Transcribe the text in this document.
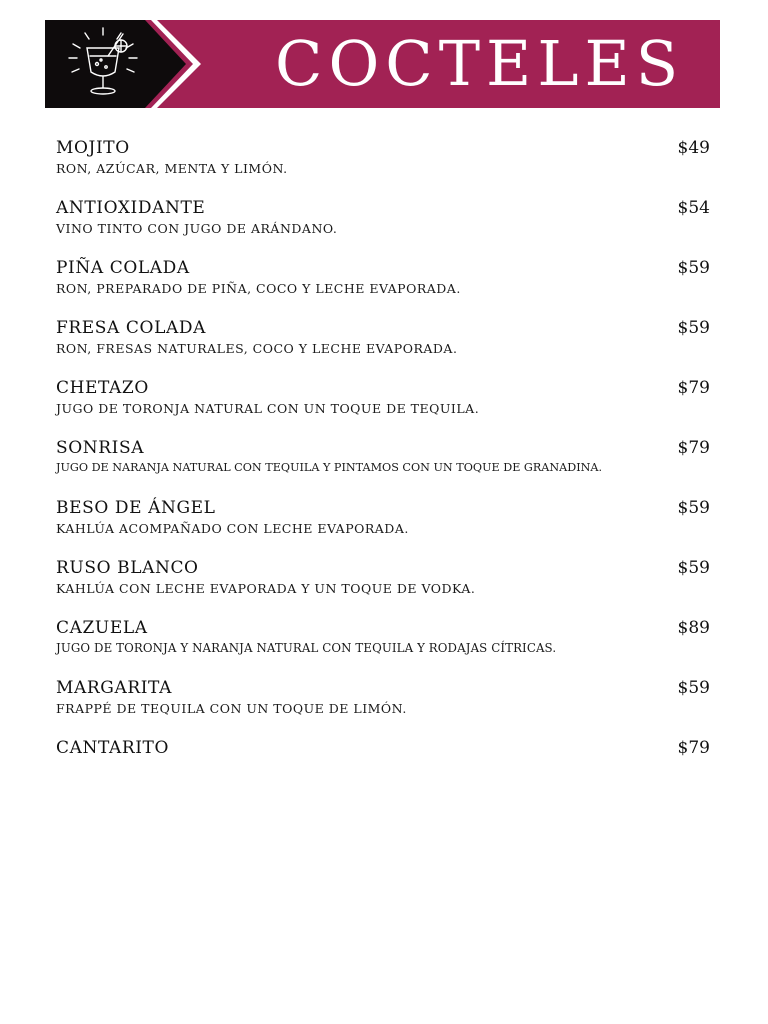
COCTELES
MOJITO	$49
RON, AZÚCAR, MENTA Y LIMÓN.
ANTIOXIDANTE	$54
VINO TINTO CON JUGO DE ARÁNDANO.
PIÑA COLADA	$59
RON, PREPARADO DE PIÑA, COCO Y LECHE EVAPORADA.
FRESA COLADA	$59
RON, FRESAS NATURALES, COCO Y LECHE EVAPORADA.
CHETAZO	$79
JUGO DE TORONJA NATURAL CON UN TOQUE DE TEQUILA.
SONRISA	$79
JUGO DE NARANJA NATURAL CON TEQUILA Y PINTAMOS CON UN TOQUE DE GRANADINA.
BESO DE ÁNGEL	$59
KAHLÚA ACOMPAÑADO CON LECHE EVAPORADA.
RUSO BLANCO	$59
KAHLÚA CON LECHE EVAPORADA Y UN TOQUE DE VODKA.
CAZUELA	$89
JUGO DE TORONJA Y NARANJA NATURAL CON TEQUILA Y RODAJAS CÍTRICAS.
MARGARITA	$59
FRAPPÉ DE TEQUILA CON UN TOQUE DE LIMÓN.
CANTARITO	$79
